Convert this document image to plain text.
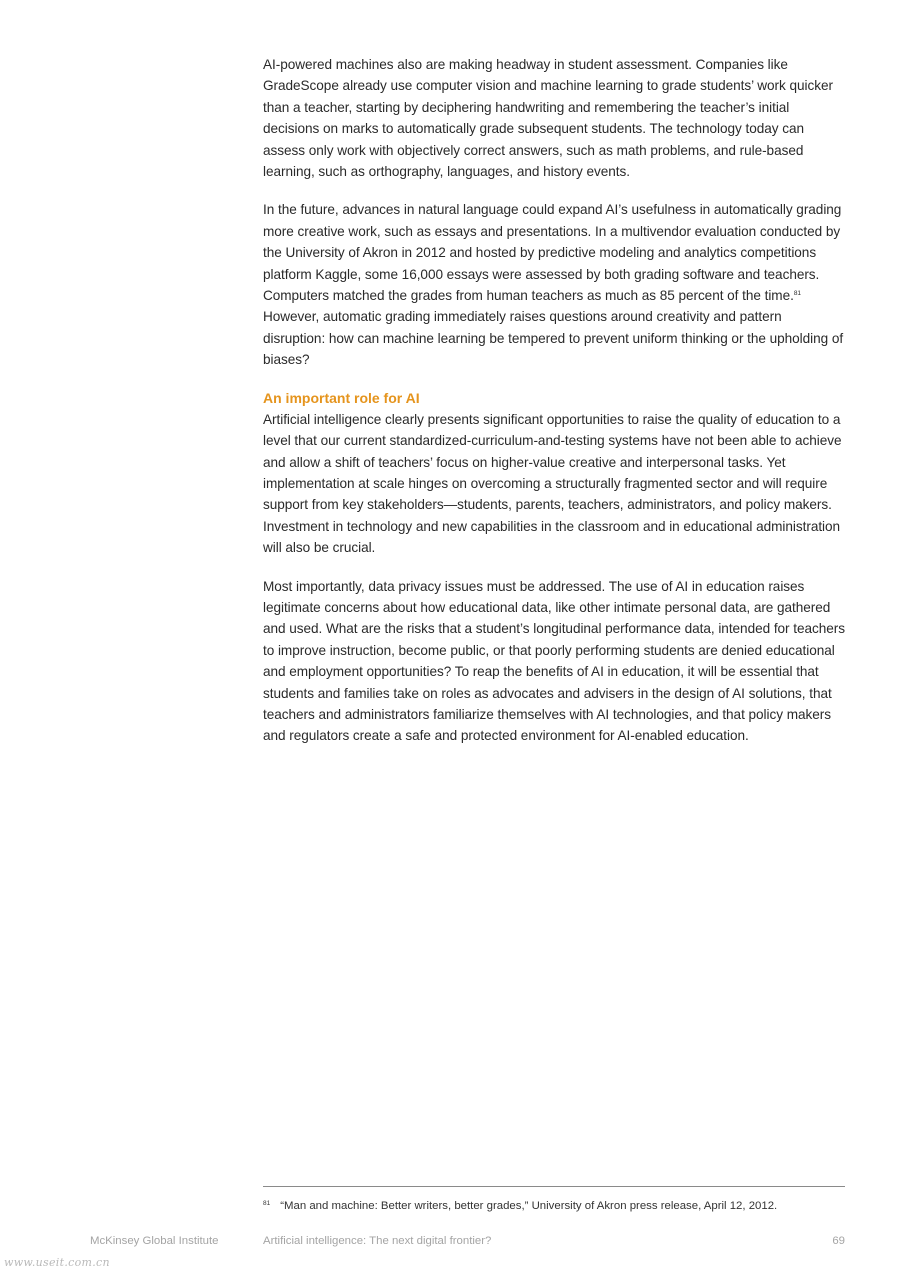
AI-powered machines also are making headway in student assessment. Companies like GradeScope already use computer vision and machine learning to grade students’ work quicker than a teacher, starting by deciphering handwriting and remembering the teacher’s initial decisions on marks to automatically grade subsequent students. The technology today can assess only work with objectively correct answers, such as math problems, and rule-based learning, such as orthography, languages, and history events.

In the future, advances in natural language could expand AI’s usefulness in automatically grading more creative work, such as essays and presentations. In a multivendor evaluation conducted by the University of Akron in 2012 and hosted by predictive modeling and analytics competitions platform Kaggle, some 16,000 essays were assessed by both grading software and teachers. Computers matched the grades from human teachers as much as 85 percent of the time.$^{81}$ However, automatic grading immediately raises questions around creativity and pattern disruption: how can machine learning be tempered to prevent uniform thinking or the upholding of biases?

An important role for AI

Artificial intelligence clearly presents significant opportunities to raise the quality of education to a level that our current standardized-curriculum-and-testing systems have not been able to achieve and allow a shift of teachers’ focus on higher-value creative and interpersonal tasks. Yet implementation at scale hinges on overcoming a structurally fragmented sector and will require support from key stakeholders—students, parents, teachers, administrators, and policy makers. Investment in technology and new capabilities in the classroom and in educational administration will also be crucial.

Most importantly, data privacy issues must be addressed. The use of AI in education raises legitimate concerns about how educational data, like other intimate personal data, are gathered and used. What are the risks that a student’s longitudinal performance data, intended for teachers to improve instruction, become public, or that poorly performing students are denied educational and employment opportunities? To reap the benefits of AI in education, it will be essential that students and families take on roles as advocates and advisers in the design of AI solutions, that teachers and administrators familiarize themselves with AI technologies, and that policy makers and regulators create a safe and protected environment for AI-enabled education.

$^{81}$ “Man and machine: Better writers, better grades,” University of Akron press release, April 12, 2012.
McKinsey Global Institute	Artificial intelligence: The next digital frontier?	69
www.useit.com.cn
